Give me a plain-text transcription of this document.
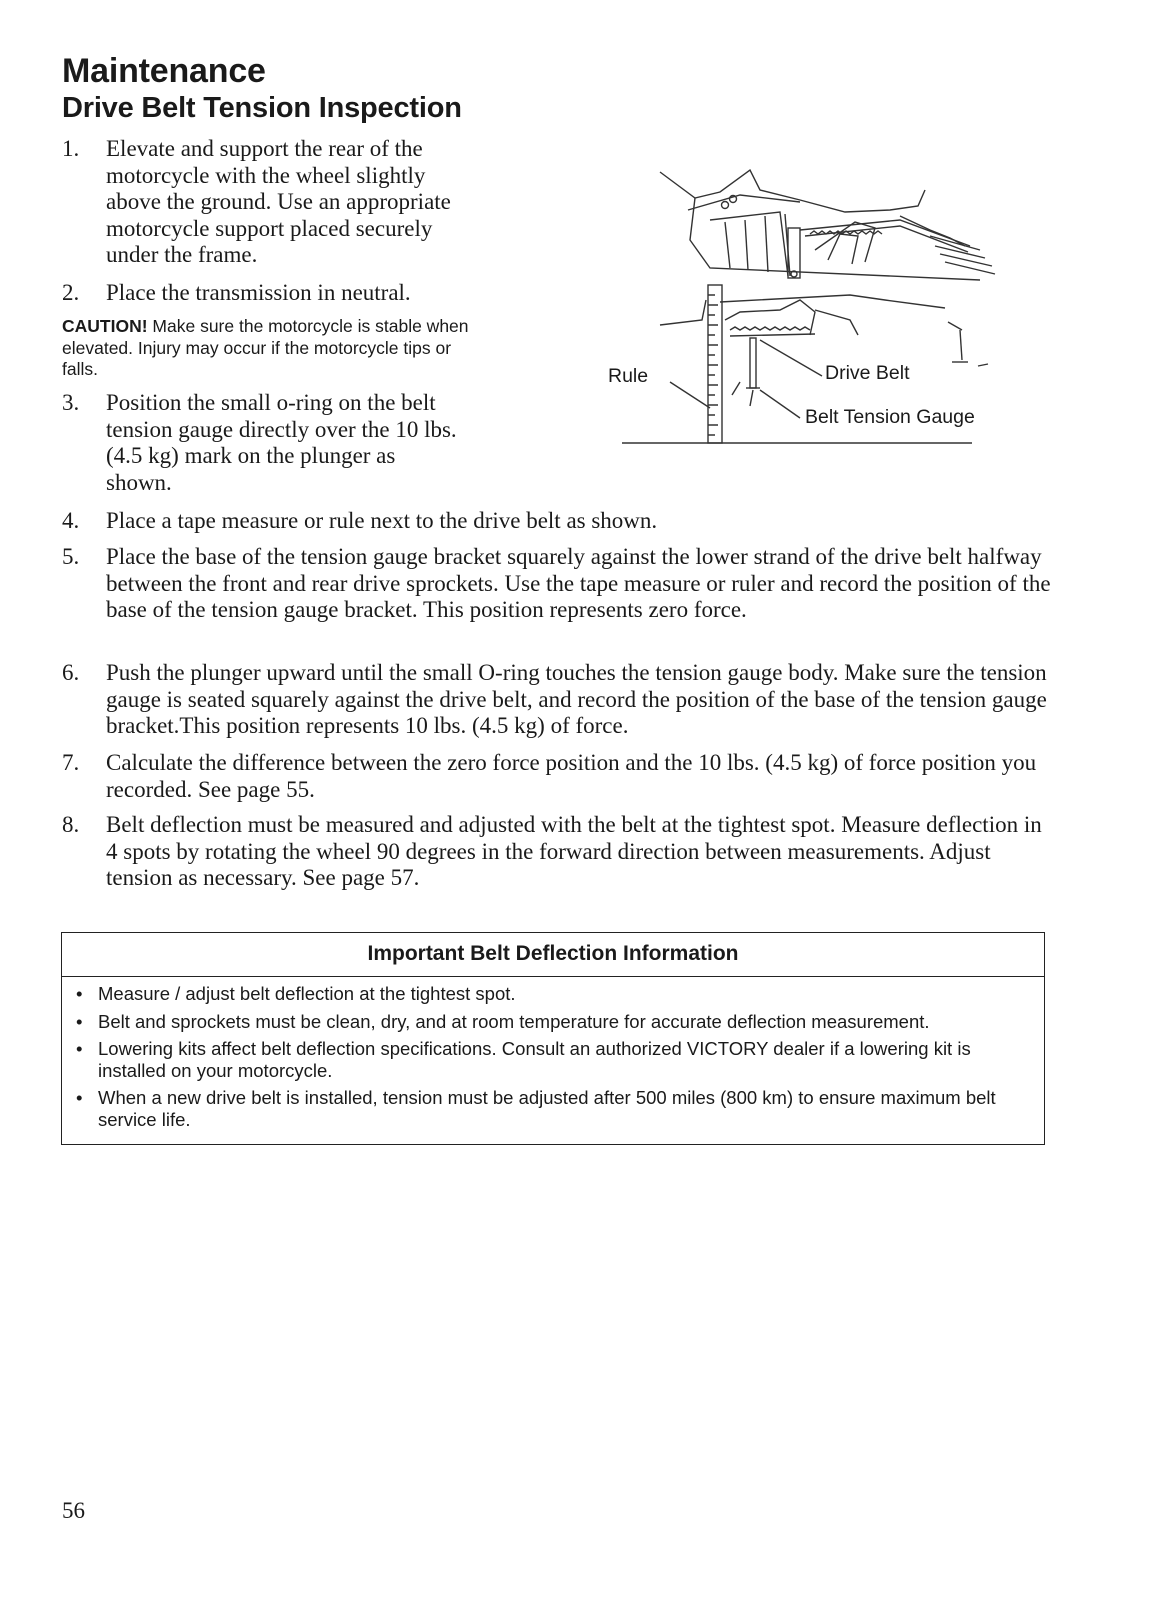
Maintenance
Drive Belt Tension Inspection
1.	Elevate and support the rear of the motorcycle with the wheel slightly above the ground. Use an appropriate motorcycle support placed securely under the frame.
2.	Place the transmission in neutral.
CAUTION! Make sure the motorcycle is stable when elevated. Injury may occur if the motorcycle tips or falls.
3.	Position the small o-ring on the belt tension gauge directly over the 10 lbs. (4.5 kg) mark on the plunger as shown.
4.	Place a tape measure or rule next to the drive belt as shown.
5.	Place the base of the tension gauge bracket squarely against the lower strand of the drive belt halfway between the front and rear drive sprockets. Use the tape measure or ruler and record the position of the base of the tension gauge bracket. This position represents zero force.
6.	Push the plunger upward until the small O-ring touches the tension gauge body. Make sure the tension gauge is seated squarely against the drive belt, and record the position of the base of the tension gauge bracket.This position represents 10 lbs. (4.5 kg) of force.
7.	Calculate the difference between the zero force position and the 10 lbs. (4.5 kg) of force position you recorded. See page 55.
8.	Belt deflection must be measured and adjusted with the belt at the tightest spot. Measure deflection in 4 spots by rotating the wheel 90 degrees in the forward direction between measurements. Adjust tension as necessary. See page 57.
Rule	Drive Belt
Belt Tension Gauge
Important Belt Deflection Information
• Measure / adjust belt deflection at the tightest spot.
• Belt and sprockets must be clean, dry, and at room temperature for accurate deflection measurement.
• Lowering kits affect belt deflection specifications. Consult an authorized VICTORY dealer if a lowering kit is installed on your motorcycle.
• When a new drive belt is installed, tension must be adjusted after 500 miles (800 km) to ensure maximum belt service life.
56
